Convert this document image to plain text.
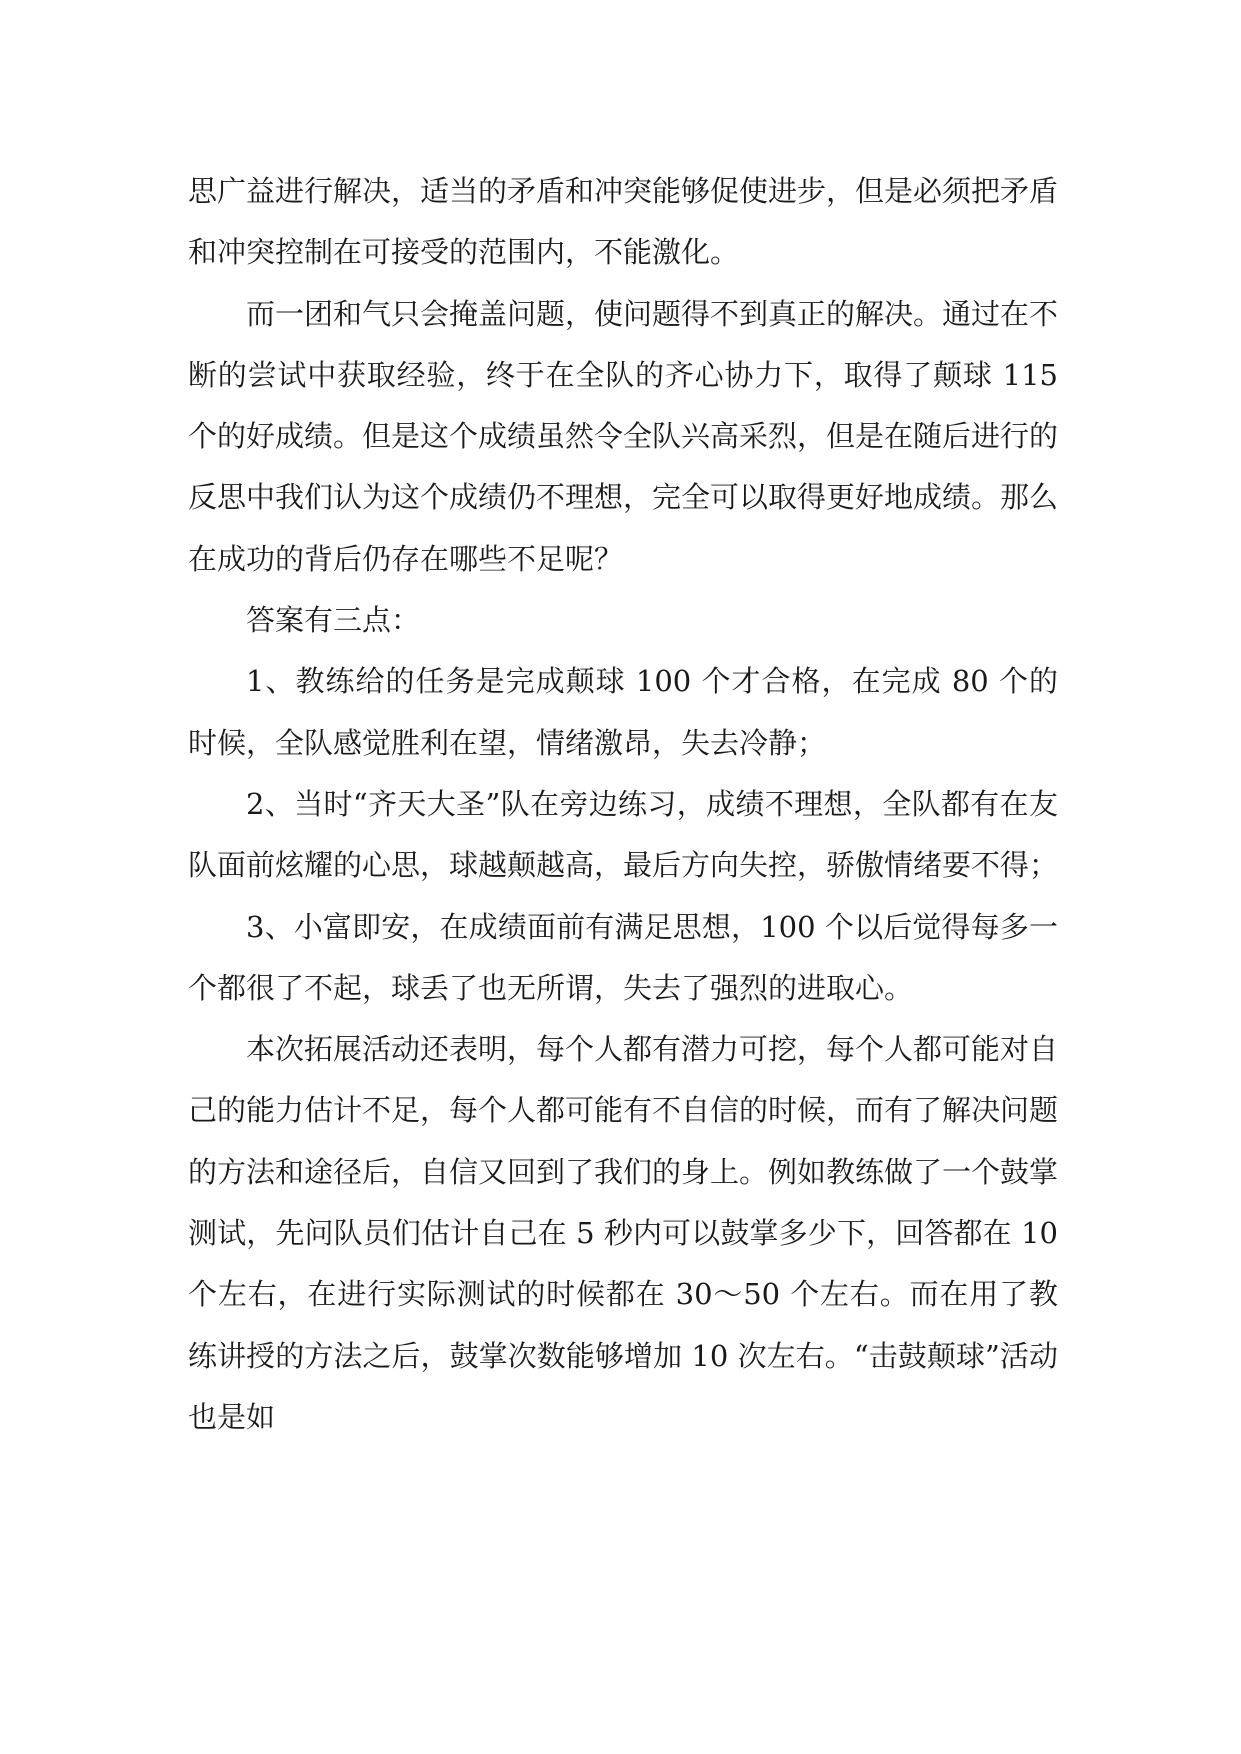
思广益进行解决，适当的矛盾和冲突能够促使进步，但是必须把矛盾和冲突控制在可接受的范围内，不能激化。

而一团和气只会掩盖问题，使问题得不到真正的解决。通过在不断的尝试中获取经验，终于在全队的齐心协力下，取得了颠球 115 个的好成绩。但是这个成绩虽然令全队兴高采烈，但是在随后进行的反思中我们认为这个成绩仍不理想，完全可以取得更好地成绩。那么在成功的背后仍存在哪些不足呢？

答案有三点：

1、教练给的任务是完成颠球 100 个才合格，在完成 80 个的时候，全队感觉胜利在望，情绪激昂，失去冷静；

2、当时“齐天大圣”队在旁边练习，成绩不理想，全队都有在友队面前炫耀的心思，球越颠越高，最后方向失控，骄傲情绪要不得；

3、小富即安，在成绩面前有满足思想，100 个以后觉得每多一个都很了不起，球丢了也无所谓，失去了强烈的进取心。

本次拓展活动还表明，每个人都有潜力可挖，每个人都可能对自己的能力估计不足，每个人都可能有不自信的时候，而有了解决问题的方法和途径后，自信又回到了我们的身上。例如教练做了一个鼓掌测试，先问队员们估计自己在 5 秒内可以鼓掌多少下，回答都在 10 个左右，在进行实际测试的时候都在 30～50 个左右。而在用了教练讲授的方法之后，鼓掌次数能够增加 10 次左右。“击鼓颠球”活动也是如
